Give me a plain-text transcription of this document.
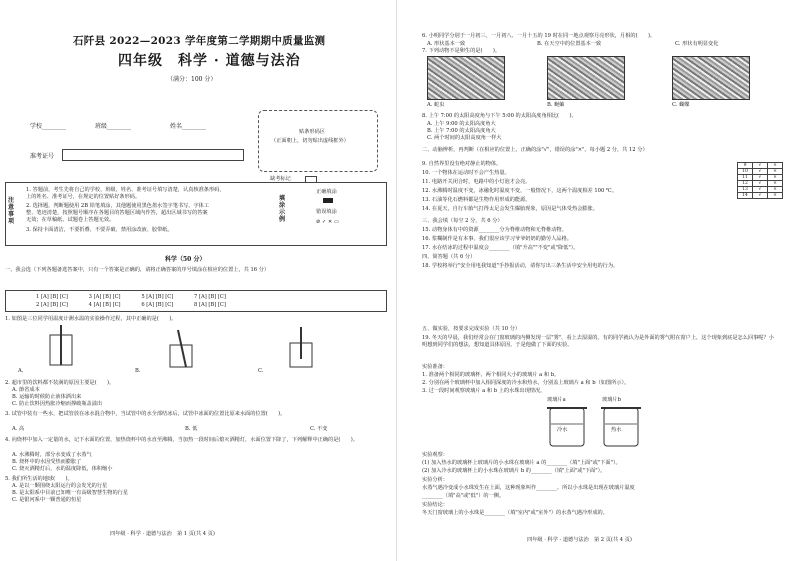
石阡县 2022—2023 学年度第二学期期中质量监测
四年级　科学 · 道德与法治
（满分：100 分）
学校________	班级________	姓名________
准考证号
贴条形码区
（正面朝上，切勿贴出虚线框外）
缺考标记
注意事项
1. 答题前，考生先将自己的学校、班级、姓名、准考证号填写清楚，认真核准条形码，
上的姓名、准考证号，在规定的位置贴好条形码。
2. 选择题，判断题使用 2B 铅笔填涂，其他题使用黑色墨水签字笔书写，字体工
整、笔迹清楚，按照题号顺序在各题目的答题区域内作答，超出区域书写的答案
无效；在草稿纸、试题卷上答题无效。
3. 保持卡面清洁，不要折叠、不要弄破、禁用涂改液、胶带纸。
填涂示例
正确填涂
错误填涂
⊘ ✓ ✕ ▭
科学（50 分）
一、我会选（下列各题备选答案中，只有一个答案是正确的，请将正确答案的序号填涂在相应的位置上，共 16 分）
1 [A] [B] [C]　　　　3 [A] [B] [C]　　　　5 [A] [B] [C]　　　　7 [A] [B] [C]
2 [A] [B] [C]　　　　4 [A] [B] [C]　　　　6 [A] [B] [C]　　　　8 [A] [B] [C]
1. 如图是三位同学用温度计测水温的实验操作过程，其中正确的是(　　)。
A.	B.	C.
2. 超市里的饮料都不装满的原因主要是(　　)。
A. 節省成本
B. 运输的时候防止液体洒出来
C. 防止饮料因热胀冷缩而撑破瓶盖溢出
3. 试管中装有一些水，把试管放在冰水混合物中，当试管中的水全部结冰后，试管中冰面的位置比原来水面的位置(　　)。
A. 高	B. 低	C. 不变
4. 向烧杯中加入一定量的水，记下水面的位置，加热烧杯中的水直至沸腾，当加热一段时间后熄灭酒精灯，水面位置下降了，下列解释中正确的是(　　)。
A. 水沸腾时，部分水变成了水蒸气
B. 烧杯中的水因受热而膨胀了
C. 烧灭酒精灯后，水的温度降低，体积缩小
5. 我们所生活的地球(　　)。
A. 是以一颗围绕太阳运行的会发光的行星
B. 是太阳系中目前已知唯一有高级智慧生物的行星
C. 是银河系中一颗普通的恒星
四年级 · 科学 · 道德与法治　第 1 页(共 4 页)
6. 小明同学分别于一月初三、一月初八、一月十五的 19 时在同一地点观察月亮形状，月相的(　　)。
A. 形状基本一致	B. 在天空中的位置基本一致	C. 形状有明显变化
7. 下列动物不是卵生的是(　　)。
A. 蛇虫	B. 蜒蚰	C. 蝴蝶
8. 上午 7:00 的太阳高度角与下午 5:00 的太阳高度角相比(　　)。
A. 上午 9:00 的太阳高度角大
B. 上午 7:00 的太阳高度角大
C. 两个时间的太阳高度角一样大
二、动脑辨析，再判断（在相应的位置上，正确的涂"√"，错误的涂"×"。每小题 2 分，共 12 分）
9. 自然界里没有绝对静止的物体。
10. 一个物体在运动时不会产生热量。
11. 电路开关闭合时，电路中的小灯泡才会亮。
12. 水沸腾时温度不变，冰融化时温度不变，一般情况下，这两个温度相差 100 ℃。
13. 石油等化石燃料都是生物作用形成的能源。
14. 在夏天，自行车胎气打得太足会发生爆胎现象，原因是气体受热会膨胀。
9	√	×
10	√	×
11	√	×
12	√	×
13	√	×
14	√	×
三、我会填（每空 2 分，共 6 分）
15. 动物身体有中的资源________分为脊椎动物和无脊椎动物。
16. 浆糊制作是有本事，我们很应该学习爷爷奶奶的勤劳人品格。
17. 水在结冰的过程中温度会________（填"升高""不变"或"降低"）。
四、简答题（共 6 分）
18. 学校将举行"安全用电我知道"手抄报活动，请你写出三条生活中安全用电的行为。
五、做实验，按要求完成实验（共 10 分）
19. 冬天的早晨，我们经常会在门窗玻璃的内侧发现一层"雾"，看上去湿湿的。有的同学就认为是外面的雾气附在窗户上，这个现象到底是怎么回事呢？小明想到同学们的想法，想知道具体原因，于是他做了下面的实验。
实验准备：
1. 准备两个相同的玻璃杯、两个相同大小的玻璃片 a 和 b。
2. 分别在两个玻璃杯中加入相同深度的冷水和热水，分别盖上玻璃片 a 和 b（如图所示）。
3. 过一段时间观察玻璃片 a 和 b 上的水珠出现情况。
玻璃片a	玻璃片b
冷水	热水
实验观察：
(1) 加入热水的玻璃杯上玻璃片的小水珠在玻璃片 a 的________（填"上面"或"下面"）。
(2) 加入冷水的玻璃杯上的小水珠在玻璃片 b 的________（填"上面"或"下面"）。
实验分析：
水蒸气遇冷变成小水珠发生在上面，这种现象叫作________。所以小水珠是出现在玻璃片温度
________（填"高"或"低"）的一侧。
实验结论：
冬天门窗玻璃上的小水珠是________（填"室内"或"室外"）的水蒸气遇冷形成的。
四年级 · 科学 · 道德与法治　第 2 页(共 4 页)
